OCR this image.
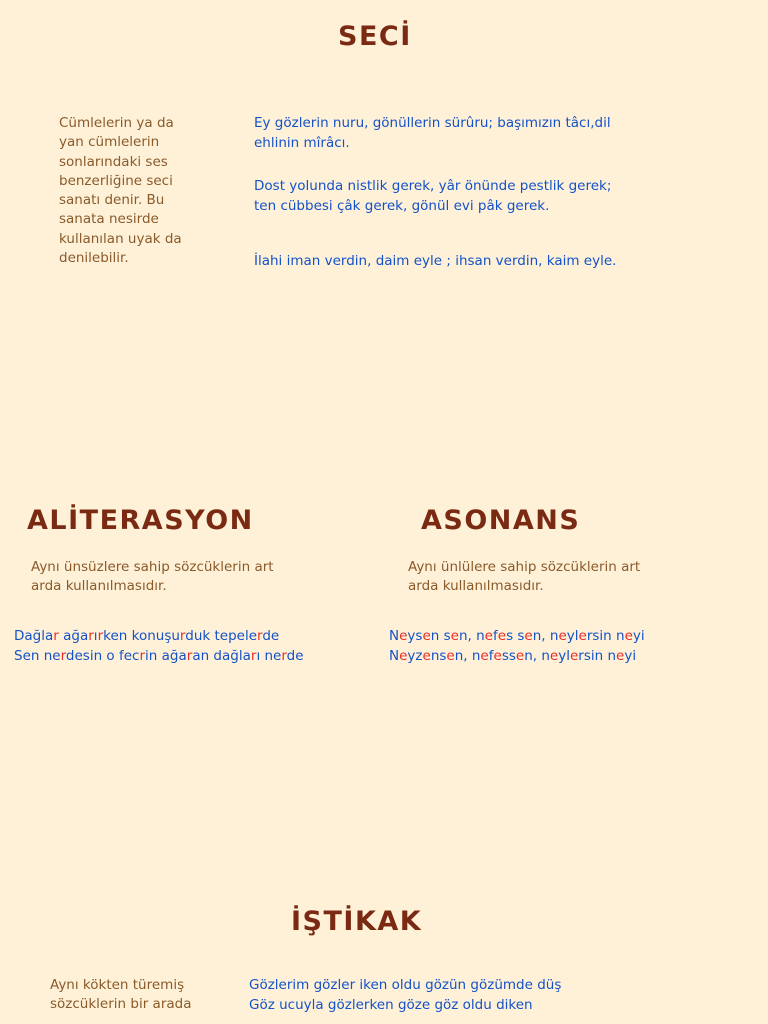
SECİ

Cümlelerin ya da yan cümlelerin sonlarındaki ses benzerliğine seci sanatı denir. Bu sanata nesirde kullanılan uyak da denilebilir.

Ey gözlerin nuru, gönüllerin sürûru; başımızın tâcı,dil ehlinin mîrâcı.

Dost yolunda nistlik gerek, yâr önünde pestlik gerek; ten cübbesi çâk gerek, gönül evi pâk gerek.

İlahi iman verdin, daim eyle ; ihsan verdin, kaim eyle.

ALİTERASYON

Aynı ünsüzlere sahip sözcüklerin art arda kullanılmasıdır.

Dağlar ağarırken konuşurduk tepelerde
Sen nerdesin o fecrin ağaran dağları nerde
ASONANS

Aynı ünlülere sahip sözcüklerin art arda kullanılmasıdır.

Neysen sen, nefes sen, neylersin neyi
Neyzensen, nefessen, neylersin neyi
İŞTİKAK

Aynı kökten türemiş sözcüklerin bir arada

Gözlerim gözler iken oldu gözün gözümde düş
Göz ucuyla gözlerken göze göz oldu diken
